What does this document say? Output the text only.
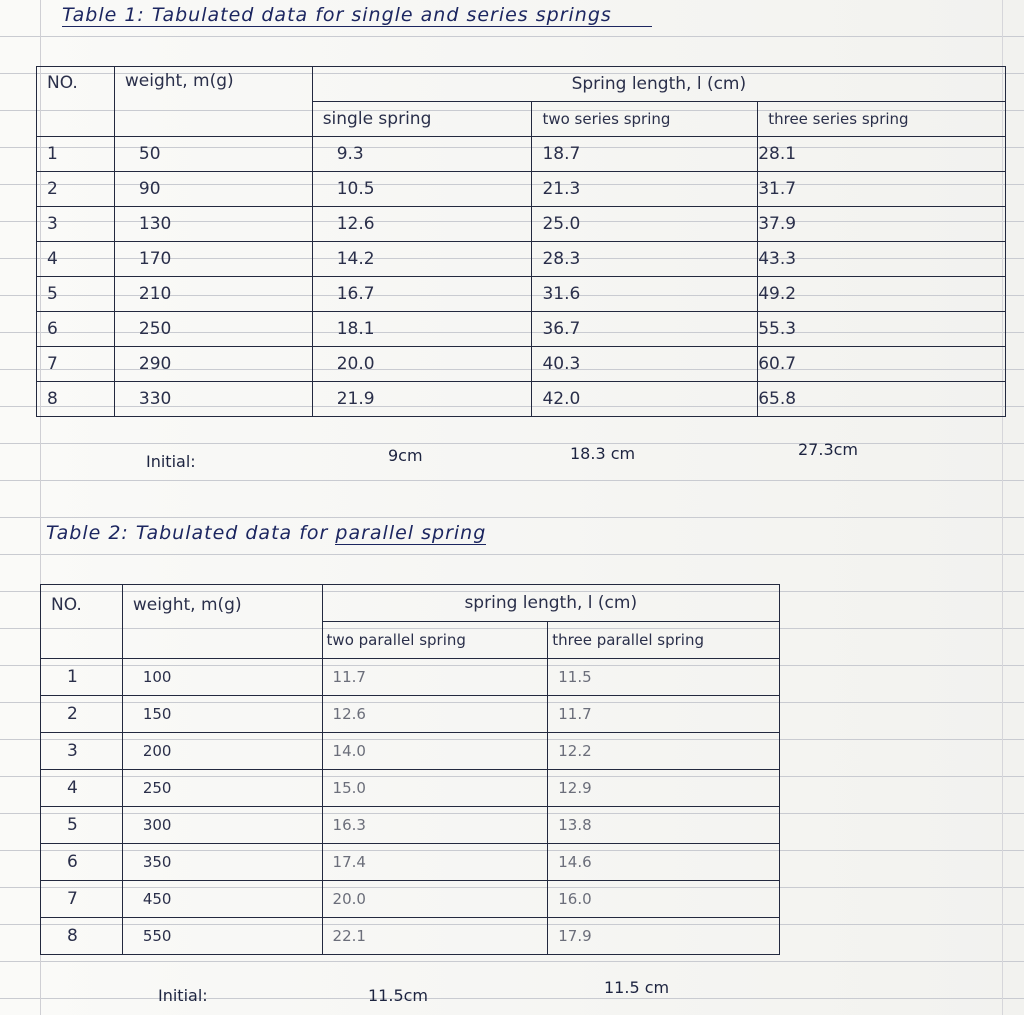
Table 1: Tabulated data for single and series springs
NO.	weight, m(g)	Spring length, l (cm)		
		single spring	two series spring	three series spring
1	50	9.3	18.7	28.1
2	90	10.5	21.3	31.7
3	130	12.6	25.0	37.9
4	170	14.2	28.3	43.3
5	210	16.7	31.6	49.2
6	250	18.1	36.7	55.3
7	290	20.0	40.3	60.7
8	330	21.9	42.0	65.8
Initial:	9cm	18.3 cm	27.3cm
Table 2: Tabulated data for parallel spring
NO.	weight, m(g)	spring length, l (cm)	
		two parallel spring	three parallel spring
1	100	11.7	11.5
2	150	12.6	11.7
3	200	14.0	12.2
4	250	15.0	12.9
5	300	16.3	13.8
6	350	17.4	14.6
7	450	20.0	16.0
8	550	22.1	17.9
Initial:	11.5cm	11.5 cm
